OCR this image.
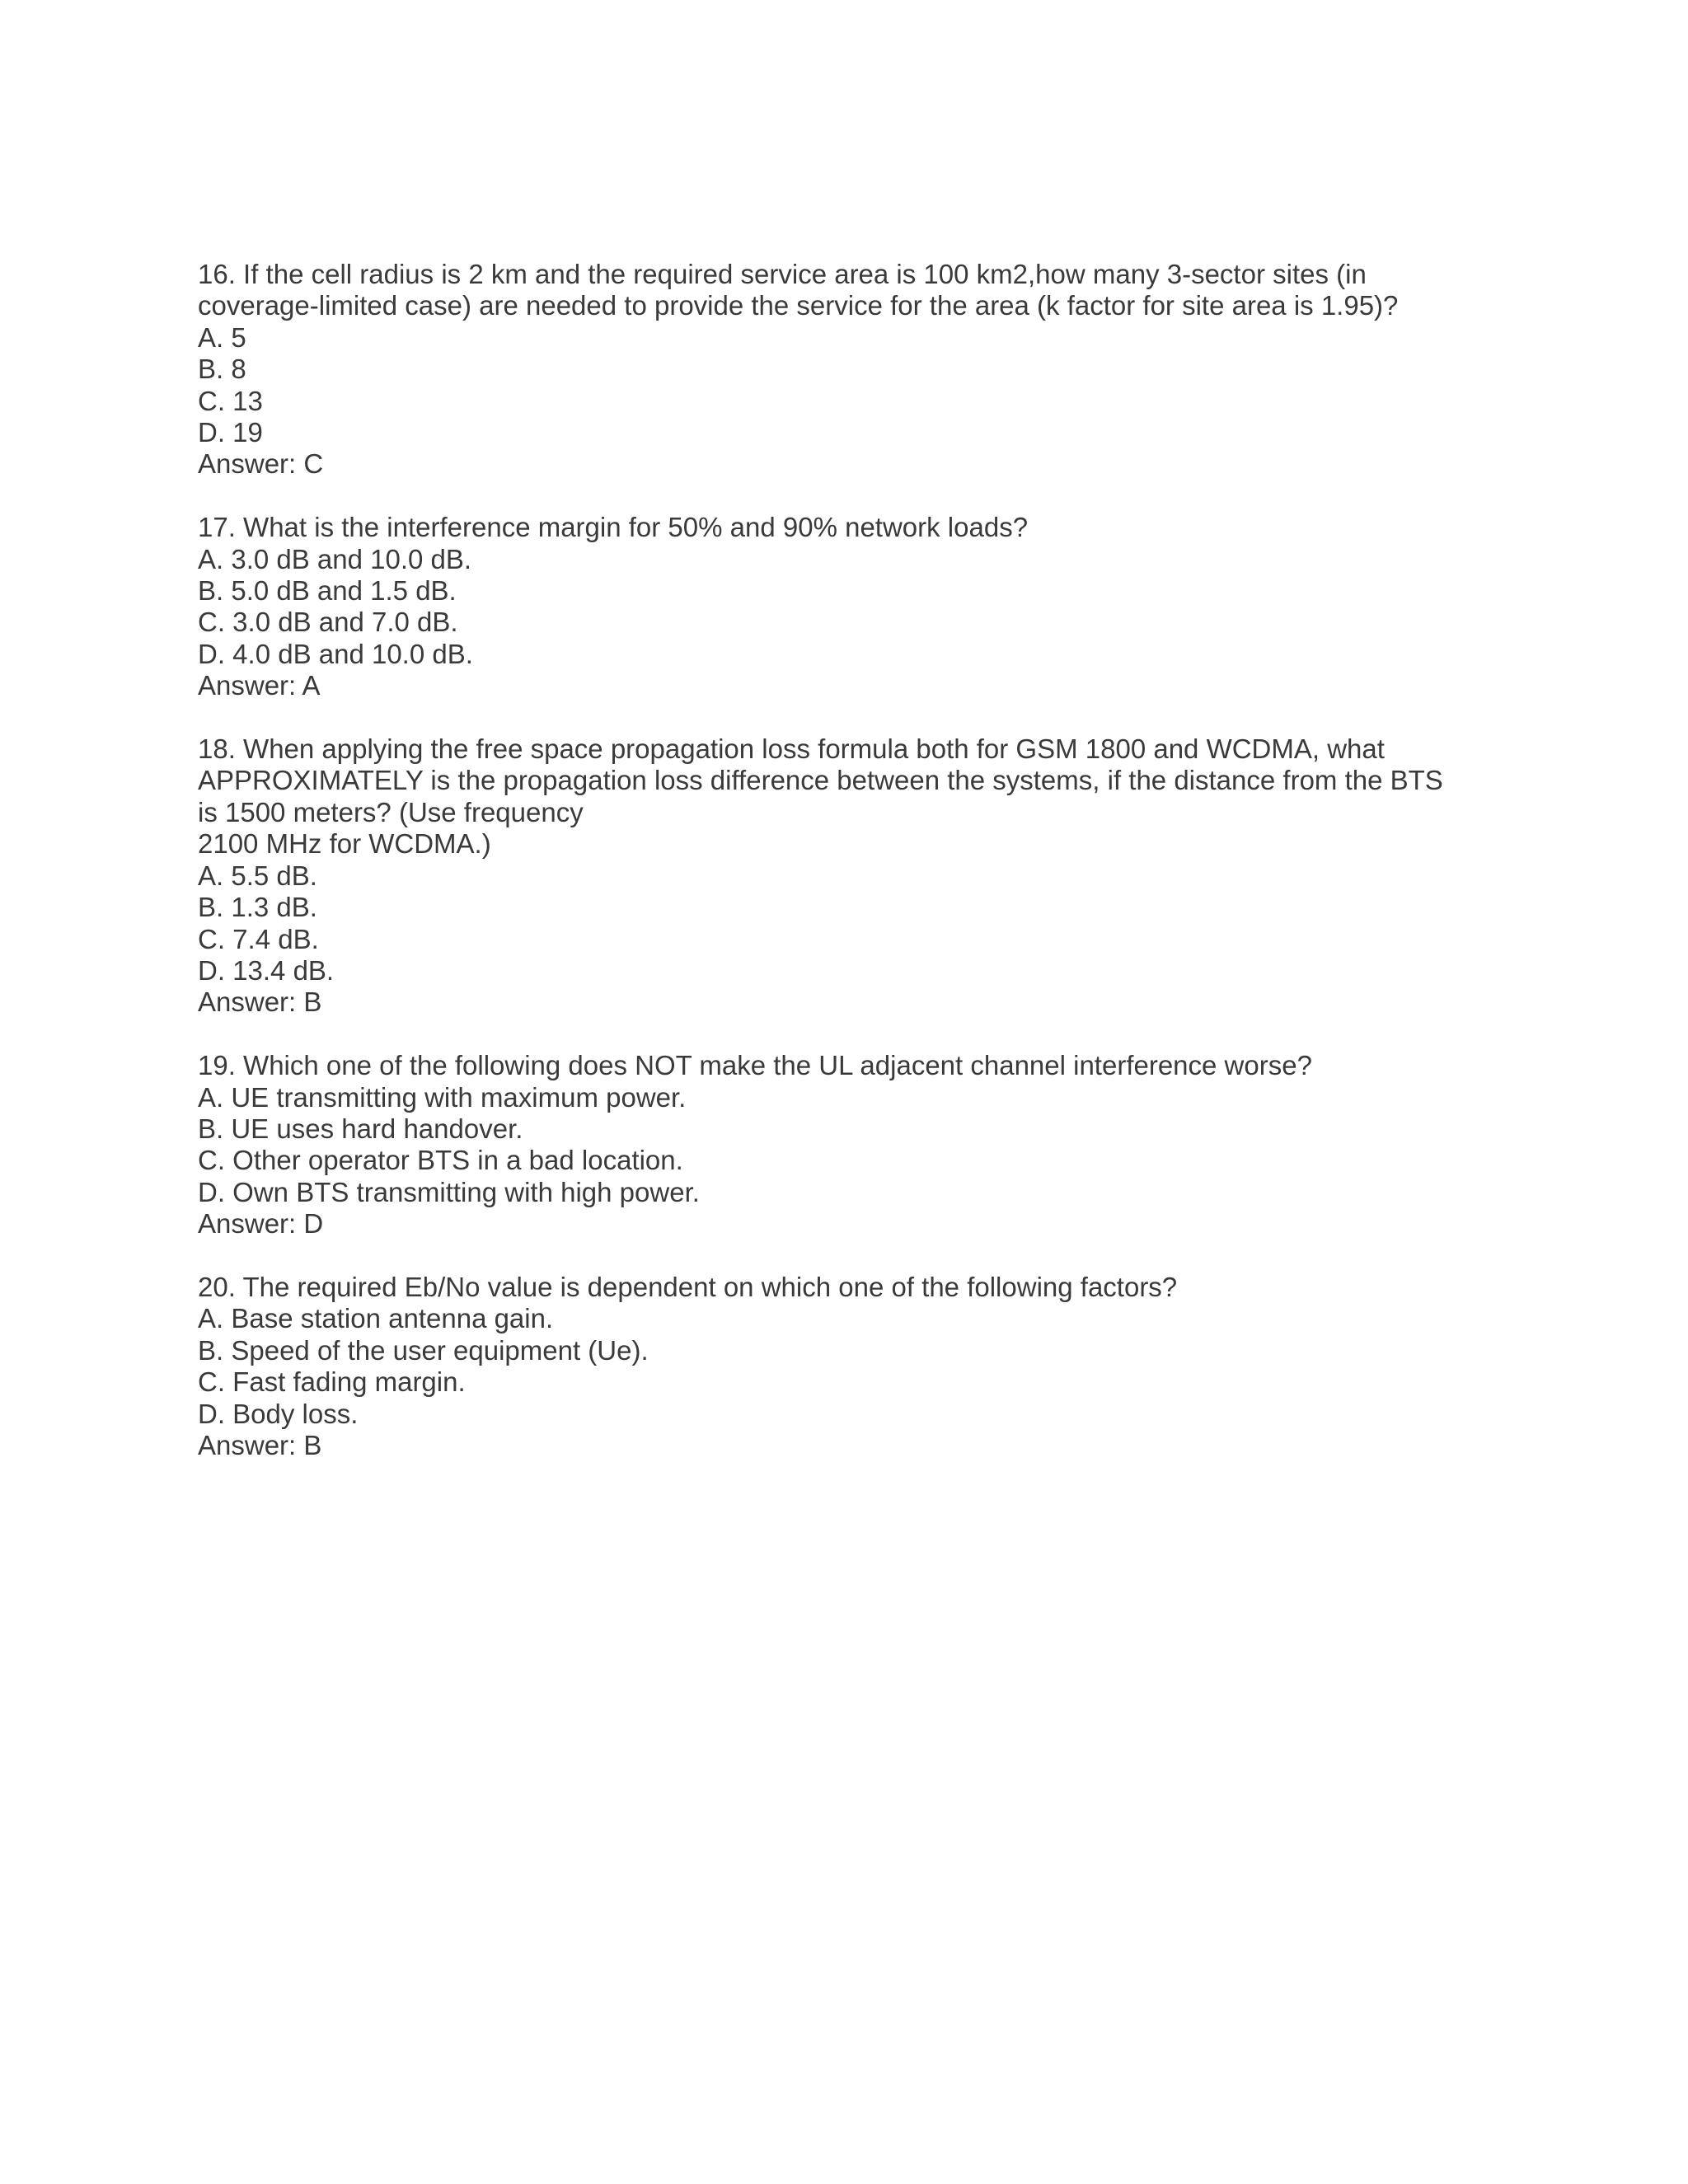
16. If the cell radius is 2 km and the required service area is 100 km2,how many 3-sector sites (in
coverage-limited case) are needed to provide the service for the area (k factor for site area is 1.95)?
A. 5
B. 8
C. 13
D. 19
Answer: C
17. What is the interference margin for 50% and 90% network loads?
A. 3.0 dB and 10.0 dB.
B. 5.0 dB and 1.5 dB.
C. 3.0 dB and 7.0 dB.
D. 4.0 dB and 10.0 dB.
Answer: A
18. When applying the free space propagation loss formula both for GSM 1800 and WCDMA, what
APPROXIMATELY is the propagation loss difference between the systems, if the distance from the BTS
is 1500 meters? (Use frequency
2100 MHz for WCDMA.)
A. 5.5 dB.
B. 1.3 dB.
C. 7.4 dB.
D. 13.4 dB.
Answer: B
19. Which one of the following does NOT make the UL adjacent channel interference worse?
A. UE transmitting with maximum power.
B. UE uses hard handover.
C. Other operator BTS in a bad location.
D. Own BTS transmitting with high power.
Answer: D
20. The required Eb/No value is dependent on which one of the following factors?
A. Base station antenna gain.
B. Speed of the user equipment (Ue).
C. Fast fading margin.
D. Body loss.
Answer: B
